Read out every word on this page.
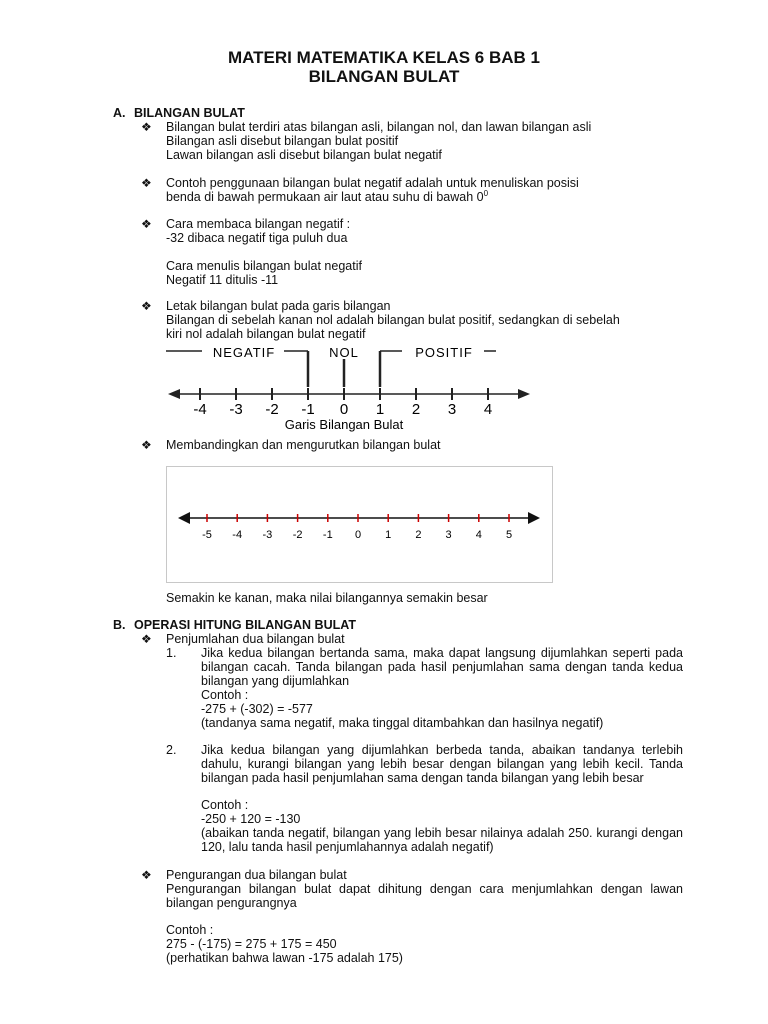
MATERI MATEMATIKA KELAS 6 BAB 1
BILANGAN BULAT
A. BILANGAN BULAT
❖ Bilangan bulat terdiri atas bilangan asli, bilangan nol, dan lawan bilangan asli
Bilangan asli disebut bilangan bulat positif
Lawan bilangan asli disebut bilangan bulat negatif
❖ Contoh penggunaan bilangan bulat negatif adalah untuk menuliskan posisi
benda di bawah permukaan air laut atau suhu di bawah $0^0$
❖ Cara membaca bilangan negatif :
-32 dibaca negatif tiga puluh dua
Cara menulis bilangan bulat negatif
Negatif 11 ditulis -11
❖ Letak bilangan bulat pada garis bilangan
Bilangan di sebelah kanan nol adalah bilangan bulat positif, sedangkan di sebelah
kiri nol adalah bilangan bulat negatif
NEGATIF	NOL	POSITIF
-4 -3 -2 -1 0 1 2 3 4
Garis Bilangan Bulat
❖ Membandingkan dan mengurutkan bilangan bulat
-5 -4 -3 -2 -1 0 1 2 3 4 5
Semakin ke kanan, maka nilai bilangannya semakin besar
B. OPERASI HITUNG BILANGAN BULAT
❖ Penjumlahan dua bilangan bulat
1. Jika kedua bilangan bertanda sama, maka dapat langsung dijumlahkan seperti pada bilangan cacah. Tanda bilangan pada hasil penjumlahan sama dengan tanda kedua bilangan yang dijumlahkan
Contoh :
-275 + (-302) = -577
(tandanya sama negatif, maka tinggal ditambahkan dan hasilnya negatif)
2. Jika kedua bilangan yang dijumlahkan berbeda tanda, abaikan tandanya terlebih dahulu, kurangi bilangan yang lebih besar dengan bilangan yang lebih kecil. Tanda bilangan pada hasil penjumlahan sama dengan tanda bilangan yang lebih besar
Contoh :
-250 + 120 = -130
(abaikan tanda negatif, bilangan yang lebih besar nilainya adalah 250. kurangi dengan 120, lalu tanda hasil penjumlahannya adalah negatif)
❖ Pengurangan dua bilangan bulat
Pengurangan bilangan bulat dapat dihitung dengan cara menjumlahkan dengan lawan bilangan pengurangnya
Contoh :
275 - (-175) = 275 + 175 = 450
(perhatikan bahwa lawan -175 adalah 175)
